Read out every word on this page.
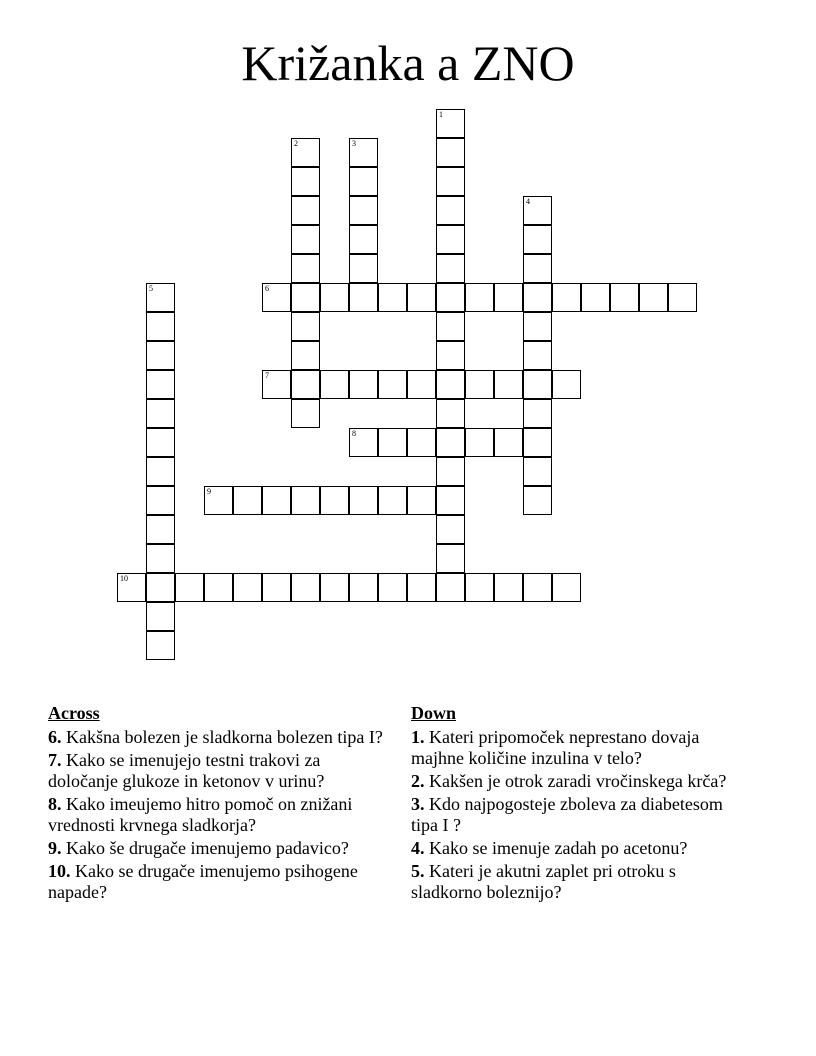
Križanka a ZNO
1
2	3
4
5	6
7
8
9
10
Across
6. Kakšna bolezen je sladkorna bolezen tipa I?
7. Kako se imenujejo testni trakovi za določanje glukoze in ketonov v urinu?
8. Kako imeujemo hitro pomoč on znižani vrednosti krvnega sladkorja?
9. Kako še drugače imenujemo padavico?
10. Kako se drugače imenujemo psihogene napade?
Down
1. Kateri pripomoček neprestano dovaja majhne količine inzulina v telo?
2. Kakšen je otrok zaradi vročinskega krča?
3. Kdo najpogosteje zboleva za diabetesom tipa I ?
4. Kako se imenuje zadah po acetonu?
5. Kateri je akutni zaplet pri otroku s sladkorno boleznijo?
